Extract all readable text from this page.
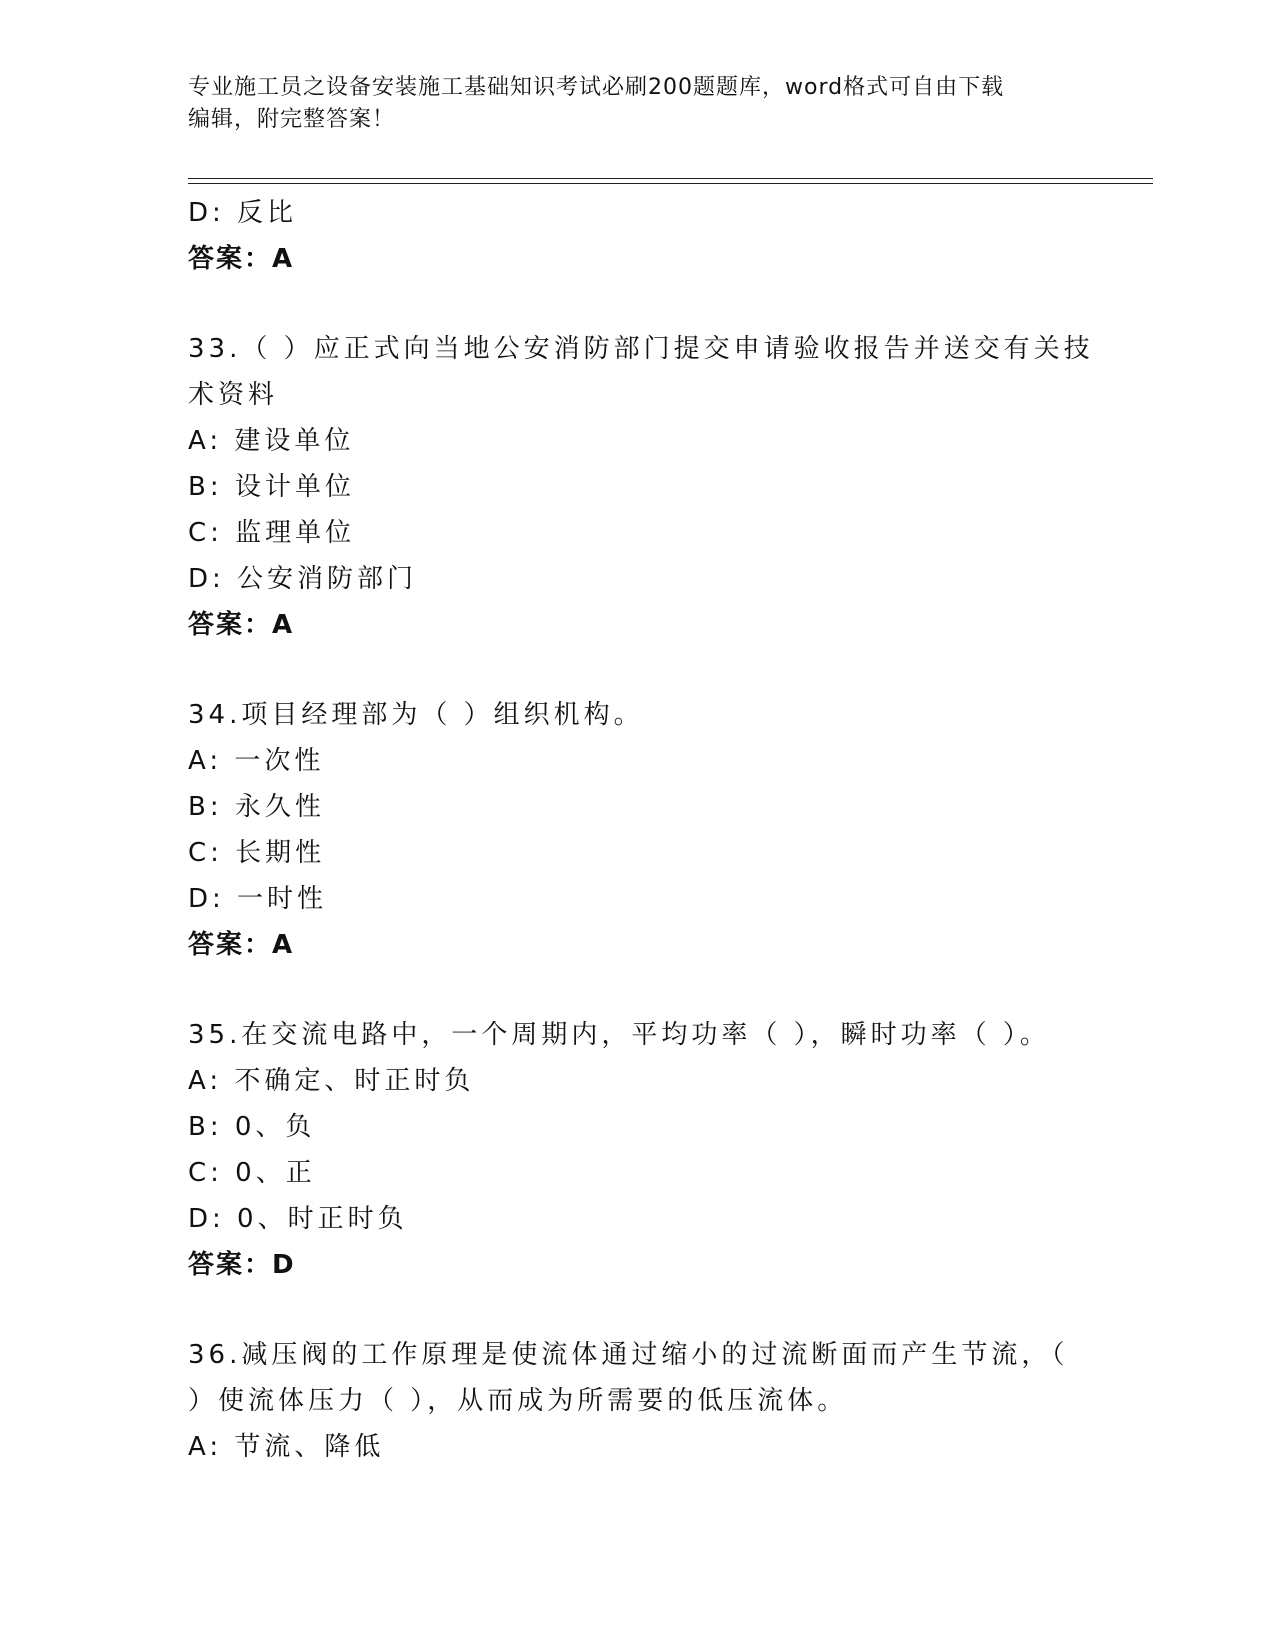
专业施工员之设备安装施工基础知识考试必刷200题题库，word格式可自由下载
编辑，附完整答案！
D: 反比
答案：A
33.（ ）应正式向当地公安消防部门提交申请验收报告并送交有关技
术资料
A: 建设单位
B: 设计单位
C: 监理单位
D: 公安消防部门
答案：A
34.项目经理部为（ ）组织机构。
A: 一次性
B: 永久性
C: 长期性
D: 一时性
答案：A
35.在交流电路中，一个周期内，平均功率（ ），瞬时功率（ ）。
A: 不确定、时正时负
B: 0、负
C: 0、正
D: 0、时正时负
答案：D
36.减压阀的工作原理是使流体通过缩小的过流断面而产生节流，（
）使流体压力（ ），从而成为所需要的低压流体。
A: 节流、降低
